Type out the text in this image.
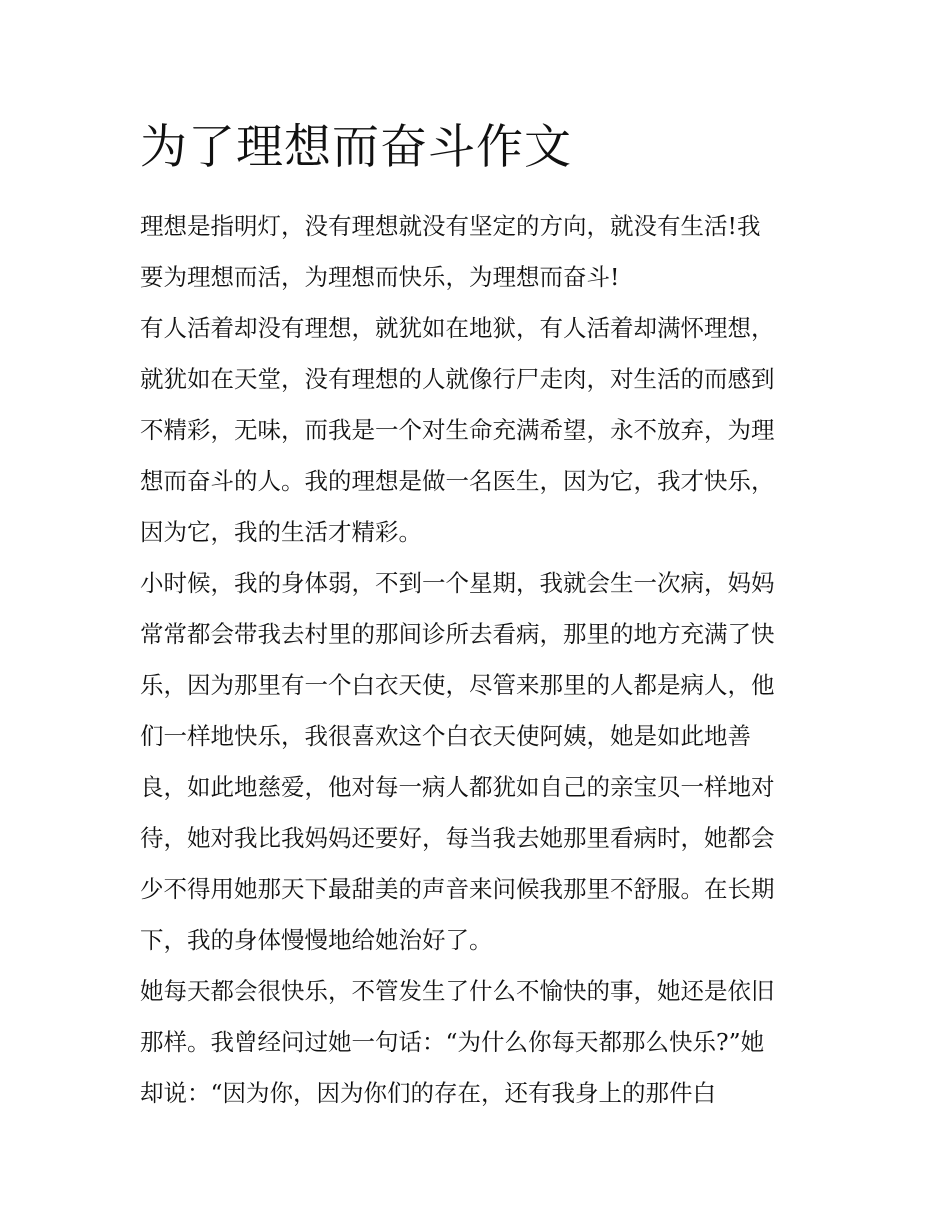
为了理想而奋斗作文

理想是指明灯，没有理想就没有坚定的方向，就没有生活!我
要为理想而活，为理想而快乐，为理想而奋斗!

有人活着却没有理想，就犹如在地狱，有人活着却满怀理想，
就犹如在天堂，没有理想的人就像行尸走肉，对生活的而感到
不精彩，无味，而我是一个对生命充满希望，永不放弃，为理
想而奋斗的人。我的理想是做一名医生，因为它，我才快乐，
因为它，我的生活才精彩。

小时候，我的身体弱，不到一个星期，我就会生一次病，妈妈
常常都会带我去村里的那间诊所去看病，那里的地方充满了快
乐，因为那里有一个白衣天使，尽管来那里的人都是病人，他
们一样地快乐，我很喜欢这个白衣天使阿姨，她是如此地善
良，如此地慈爱，他对每一病人都犹如自己的亲宝贝一样地对
待，她对我比我妈妈还要好，每当我去她那里看病时，她都会
少不得用她那天下最甜美的声音来问候我那里不舒服。在长期
下，我的身体慢慢地给她治好了。

她每天都会很快乐，不管发生了什么不愉快的事，她还是依旧
那样。我曾经问过她一句话：“为什么你每天都那么快乐?”她
却说：“因为你，因为你们的存在，还有我身上的那件白
